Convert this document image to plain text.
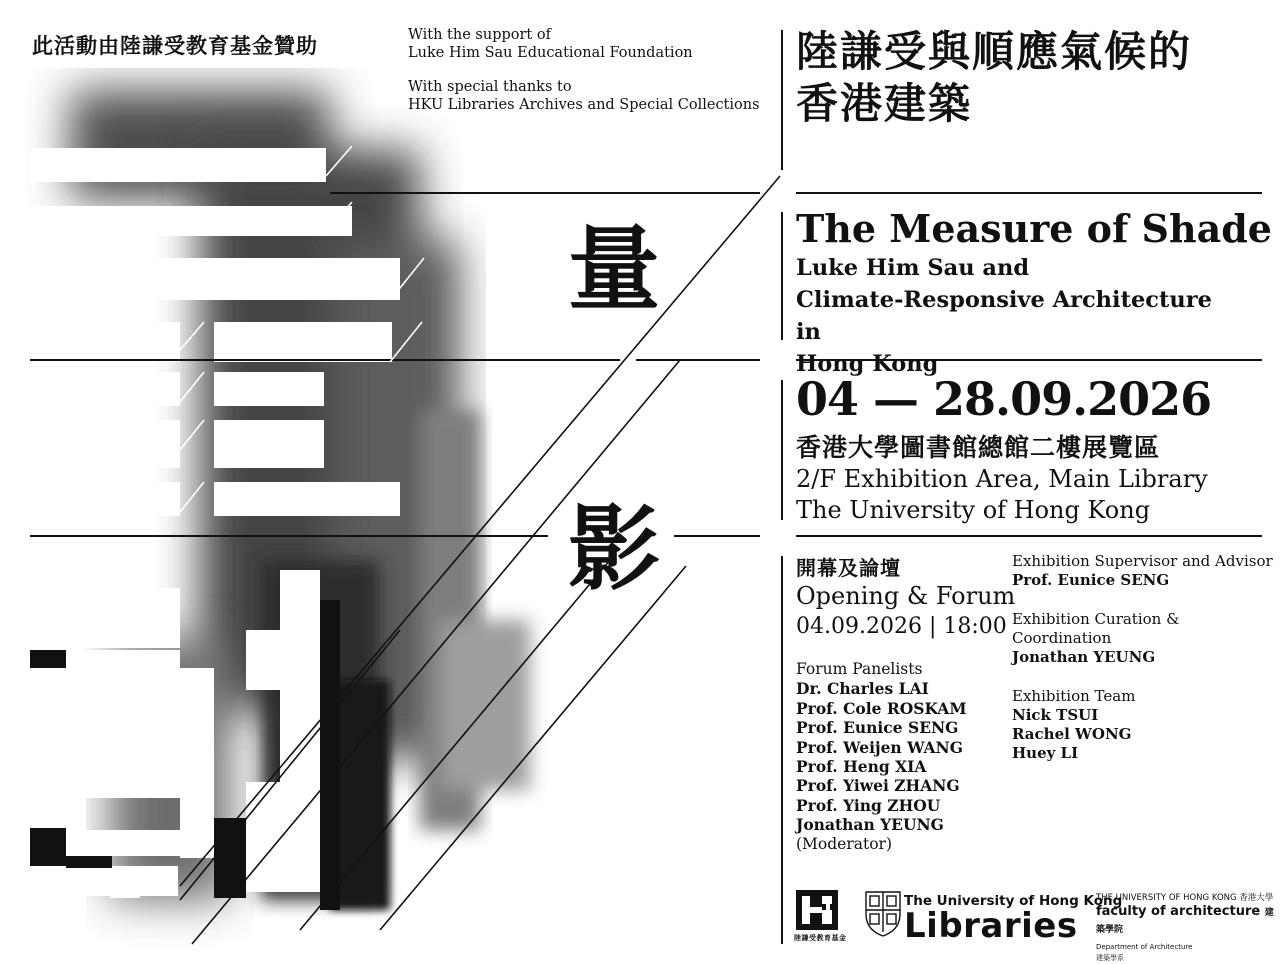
此活動由陸謙受教育基金贊助	With the support of
Luke Him Sau Educational Foundation

With special thanks to
HKU Libraries Archives and Special Collections

陸謙受與順應氣候的
香港建築
量
影
The Measure of Shade
Luke Him Sau and
Climate-Responsive Architecture in
Hong Kong
04 — 28.09.2026
香港大學圖書館總館二樓展覽區
2/F Exhibition Area, Main Library
The University of Hong Kong
開幕及論壇
Opening & Forum
04.09.2026 | 18:00
Forum Panelists
Dr. Charles LAI
Prof. Cole ROSKAM
Prof. Eunice SENG
Prof. Weijen WANG
Prof. Heng XIA
Prof. Yiwei ZHANG
Prof. Ying ZHOU
Jonathan YEUNG
(Moderator)
Exhibition Supervisor and Advisor
Prof. Eunice SENG
Exhibition Curation & Coordination
Jonathan YEUNG
Exhibition Team
Nick TSUI
Rachel WONG
Huey LI
陸謙受教育基金
The University of Hong Kong
Libraries
THE UNIVERSITY OF HONG KONG 香港大學
faculty of architecture 建築學院
Department of Architecture
建築學系
